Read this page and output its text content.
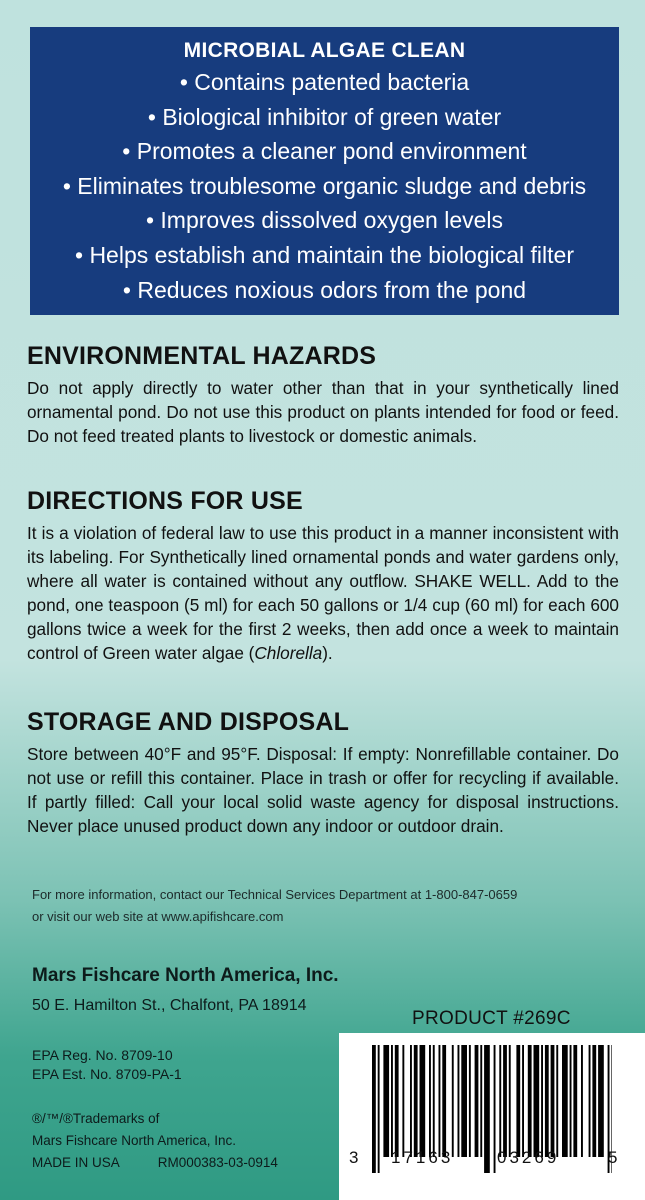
MICROBIAL ALGAE CLEAN
• Contains patented bacteria
• Biological inhibitor of green water
• Promotes a cleaner pond environment
• Eliminates troublesome organic sludge and debris
• Improves dissolved oxygen levels
• Helps establish and maintain the biological filter
• Reduces noxious odors from the pond
ENVIRONMENTAL HAZARDS

Do not apply directly to water other than that in your synthetically lined ornamental pond. Do not use this product on plants intended for food or feed. Do not feed treated plants to livestock or domestic animals.

DIRECTIONS FOR USE

It is a violation of federal law to use this product in a manner inconsistent with its labeling. For Synthetically lined ornamental ponds and water gardens only, where all water is contained without any outflow. SHAKE WELL. Add to the pond, one teaspoon (5 ml) for each 50 gallons or 1/4 cup (60 ml) for each 600 gallons twice a week for the first 2 weeks, then add once a week to maintain control of Green water algae (Chlorella).

STORAGE AND DISPOSAL

Store between 40°F and 95°F. Disposal: If empty: Nonrefillable container. Do not use or refill this container. Place in trash or offer for recycling if available. If partly filled: Call your local solid waste agency for disposal instructions. Never place unused product down any indoor or outdoor drain.

For more information, contact our Technical Services Department at 1-800-847-0659
or visit our web site at www.apifishcare.com
Mars Fishcare North America, Inc.
50 E. Hamilton St., Chalfont, PA 18914
PRODUCT #269C
EPA Reg. No. 8709-10
EPA Est. No. 8709-PA-1
®/™/®Trademarks of
Mars Fishcare North America, Inc.
MADE IN USA	RM000383-03-0914	3 17163	03269	5
